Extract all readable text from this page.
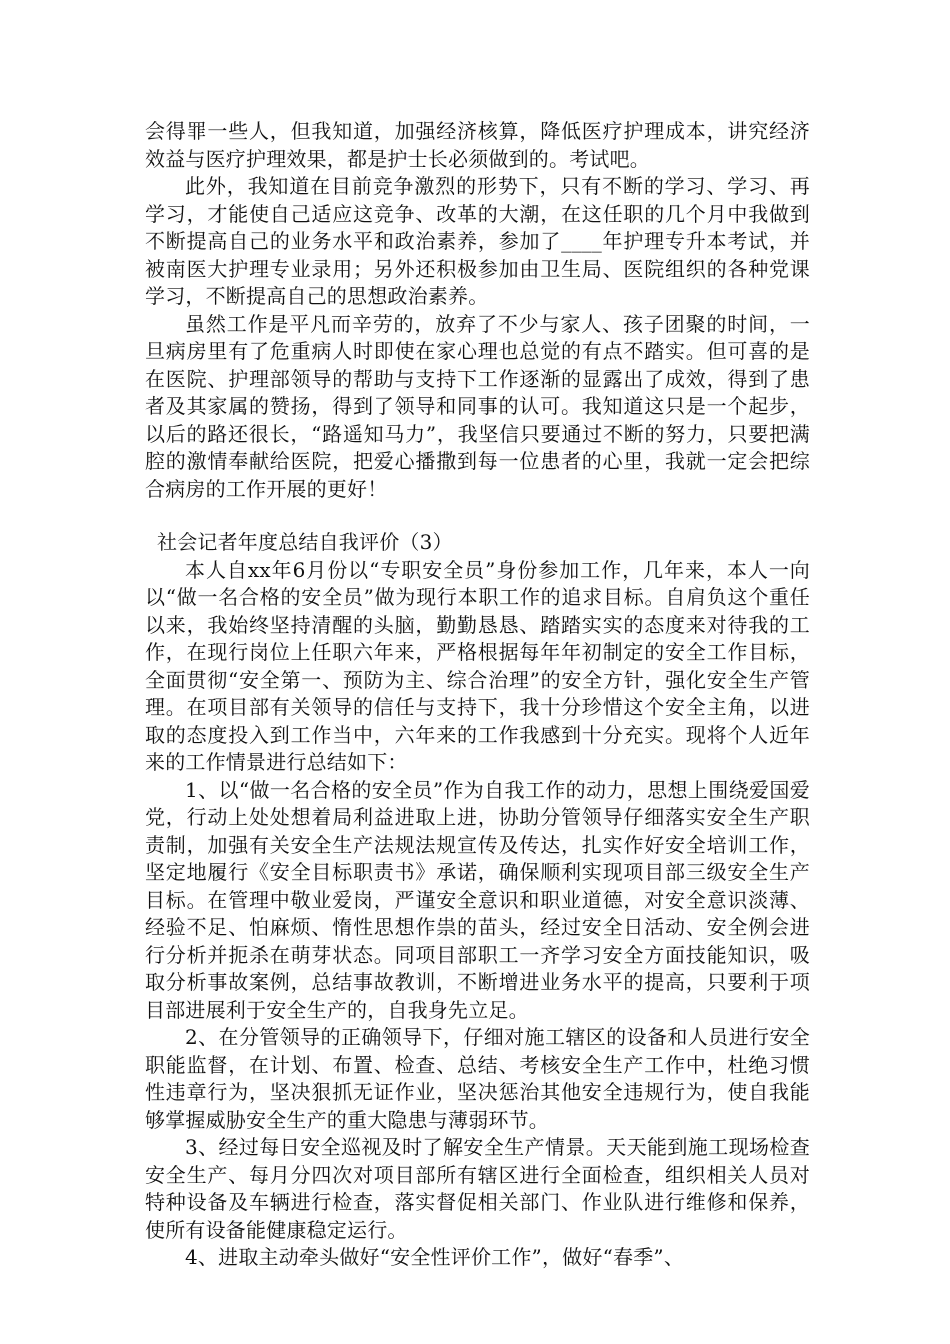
会得罪一些人，但我知道，加强经济核算，降低医疗护理成本，讲究经济效益与医疗护理效果，都是护士长必须做到的。考试吧。

此外，我知道在目前竞争激烈的形势下，只有不断的学习、学习、再学习，才能使自己适应这竞争、改革的大潮，在这任职的几个月中我做到不断提高自己的业务水平和政治素养，参加了____年护理专升本考试，并被南医大护理专业录用；另外还积极参加由卫生局、医院组织的各种党课学习，不断提高自己的思想政治素养。

虽然工作是平凡而辛劳的，放弃了不少与家人、孩子团聚的时间，一旦病房里有了危重病人时即使在家心理也总觉的有点不踏实。但可喜的是在医院、护理部领导的帮助与支持下工作逐渐的显露出了成效，得到了患者及其家属的赞扬，得到了领导和同事的认可。我知道这只是一个起步，以后的路还很长，“路遥知马力”，我坚信只要通过不断的努力，只要把满腔的激情奉献给医院，把爱心播撒到每一位患者的心里，我就一定会把综合病房的工作开展的更好！

社会记者年度总结自我评价（3）

本人自xx年6月份以“专职安全员”身份参加工作，几年来，本人一向以“做一名合格的安全员”做为现行本职工作的追求目标。自肩负这个重任以来，我始终坚持清醒的头脑，勤勤恳恳、踏踏实实的态度来对待我的工作，在现行岗位上任职六年来，严格根据每年年初制定的安全工作目标，全面贯彻“安全第一、预防为主、综合治理”的安全方针，强化安全生产管理。在项目部有关领导的信任与支持下，我十分珍惜这个安全主角，以进取的态度投入到工作当中，六年来的工作我感到十分充实。现将个人近年来的工作情景进行总结如下：

1、以“做一名合格的安全员”作为自我工作的动力，思想上围绕爱国爱党，行动上处处想着局利益进取上进，协助分管领导仔细落实安全生产职责制，加强有关安全生产法规法规宣传及传达，扎实作好安全培训工作，坚定地履行《安全目标职责书》承诺，确保顺利实现项目部三级安全生产目标。在管理中敬业爱岗，严谨安全意识和职业道德，对安全意识淡薄、经验不足、怕麻烦、惰性思想作祟的苗头，经过安全日活动、安全例会进行分析并扼杀在萌芽状态。同项目部职工一齐学习安全方面技能知识，吸取分析事故案例，总结事故教训，不断增进业务水平的提高，只要利于项目部进展利于安全生产的，自我身先立足。

2、在分管领导的正确领导下，仔细对施工辖区的设备和人员进行安全职能监督，在计划、布置、检查、总结、考核安全生产工作中，杜绝习惯性违章行为，坚决狠抓无证作业，坚决惩治其他安全违规行为，使自我能够掌握威胁安全生产的重大隐患与薄弱环节。

3、经过每日安全巡视及时了解安全生产情景。天天能到施工现场检查安全生产、每月分四次对项目部所有辖区进行全面检查，组织相关人员对特种设备及车辆进行检查，落实督促相关部门、作业队进行维修和保养，使所有设备能健康稳定运行。

4、进取主动牵头做好“安全性评价工作”，做好“春季”、
